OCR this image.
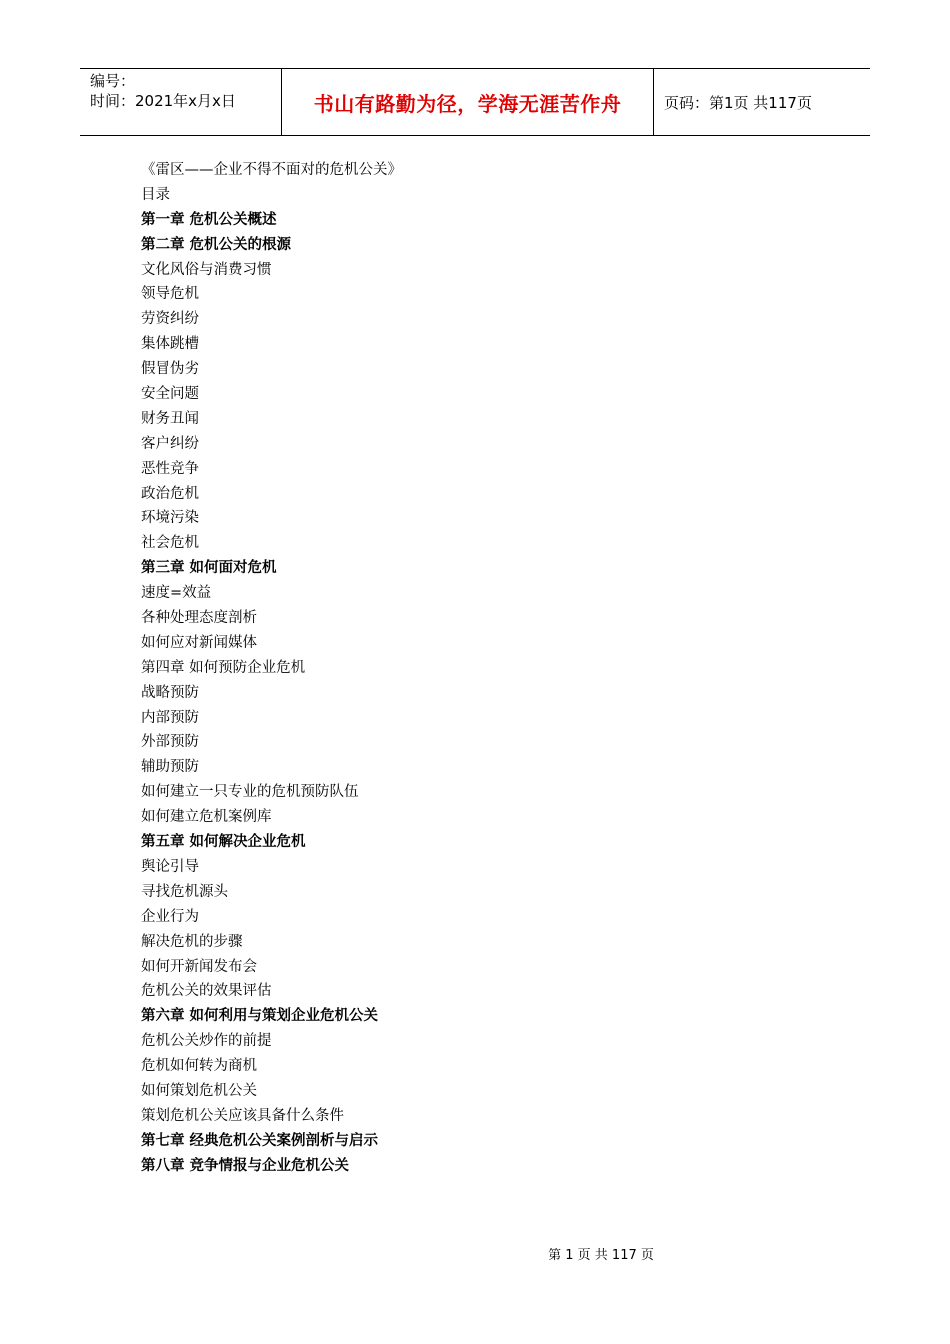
编号：
时间：2021年x月x日	书山有路勤为径，学海无涯苦作舟	页码：第1页 共117页
《雷区——企业不得不面对的危机公关》
目录
第一章 危机公关概述
第二章 危机公关的根源
文化风俗与消费习惯
领导危机
劳资纠纷
集体跳槽
假冒伪劣
安全问题
财务丑闻
客户纠纷
恶性竞争
政治危机
环境污染
社会危机
第三章 如何面对危机
速度=效益
各种处理态度剖析
如何应对新闻媒体
第四章 如何预防企业危机
战略预防
内部预防
外部预防
辅助预防
如何建立一只专业的危机预防队伍
如何建立危机案例库
第五章 如何解决企业危机
舆论引导
寻找危机源头
企业行为
解决危机的步骤
如何开新闻发布会
危机公关的效果评估
第六章 如何利用与策划企业危机公关
危机公关炒作的前提
危机如何转为商机
如何策划危机公关
策划危机公关应该具备什么条件
第七章 经典危机公关案例剖析与启示
第八章 竞争情报与企业危机公关
第 1 页 共 117 页
